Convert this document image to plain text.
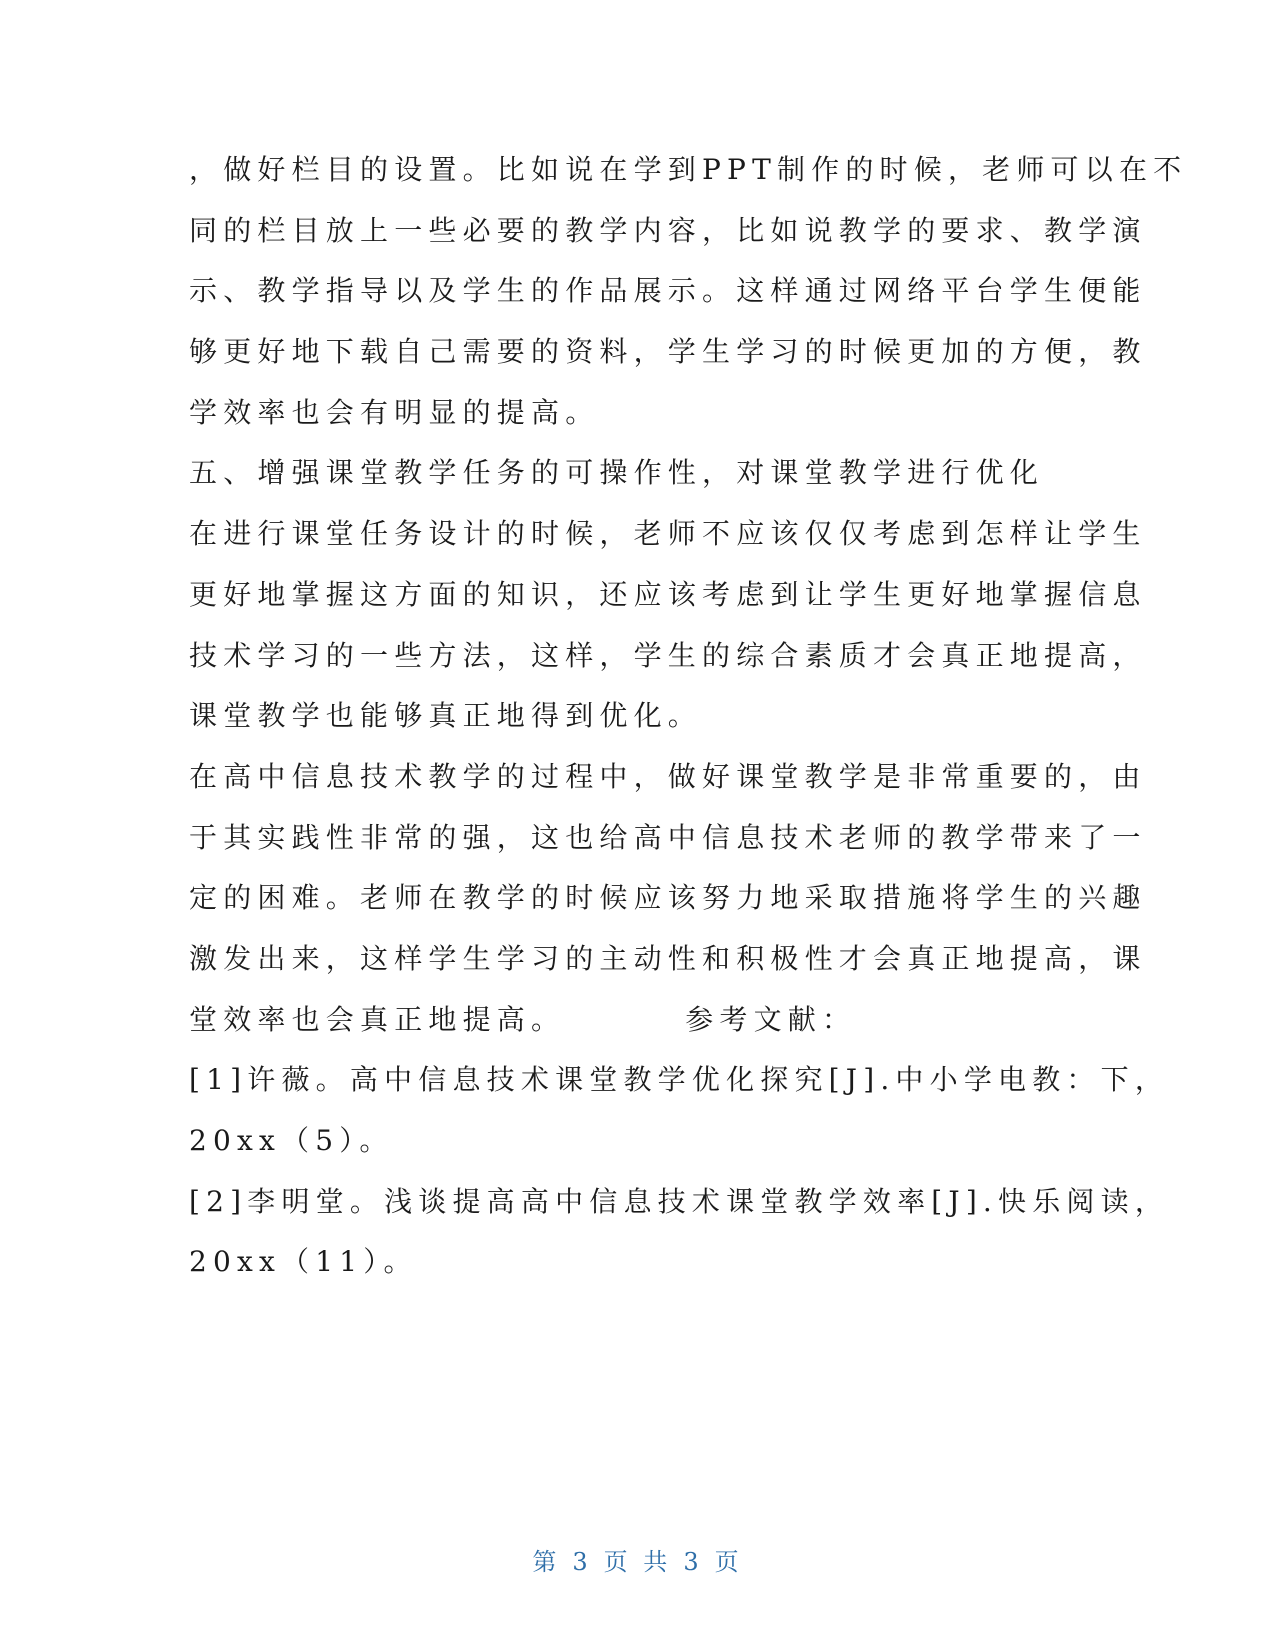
，做好栏目的设置。比如说在学到PPT制作的时候，老师可以在不
同的栏目放上一些必要的教学内容，比如说教学的要求、教学演
示、教学指导以及学生的作品展示。这样通过网络平台学生便能
够更好地下载自己需要的资料，学生学习的时候更加的方便，教
学效率也会有明显的提高。
五、增强课堂教学任务的可操作性，对课堂教学进行优化
在进行课堂任务设计的时候，老师不应该仅仅考虑到怎样让学生
更好地掌握这方面的知识，还应该考虑到让学生更好地掌握信息
技术学习的一些方法，这样，学生的综合素质才会真正地提高，
课堂教学也能够真正地得到优化。
在高中信息技术教学的过程中，做好课堂教学是非常重要的，由
于其实践性非常的强，这也给高中信息技术老师的教学带来了一
定的困难。老师在教学的时候应该努力地采取措施将学生的兴趣
激发出来，这样学生学习的主动性和积极性才会真正地提高，课
堂效率也会真正地提高。	参考文献：
[1]许薇。高中信息技术课堂教学优化探究[J].中小学电教：下，
20xx（5）。
[2]李明堂。浅谈提高高中信息技术课堂教学效率[J].快乐阅读，
20xx（11）。
第 3 页 共 3 页
